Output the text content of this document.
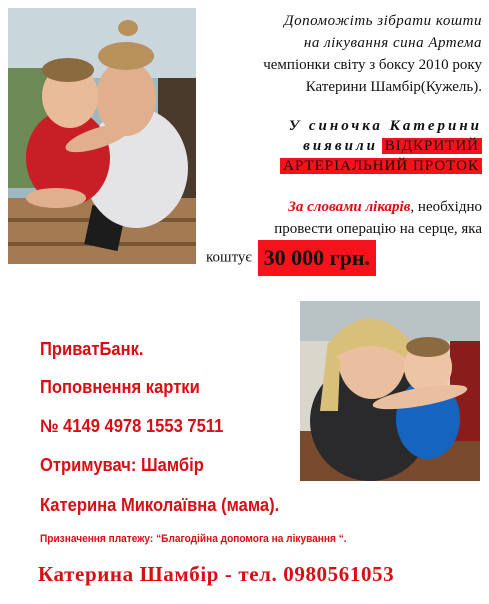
Допоможіть зібрати кошти
на лікування сина Артема
чемпіонки світу з боксу 2010 року
Катерини Шамбір(Кужель).
У синочка Катерини
виявили ВІДКРИТИЙ
АРТЕРІАЛЬНИЙ ПРОТОК
За словами лікарів, необхідно
провести операцію на серце, яка
коштує 30 000 грн.
ПриватБанк.
Поповнення картки
№ 4149 4978 1553 7511
Отримувач: Шамбір
Катерина Миколаївна (мама).
Призначення платежу: “Благодійна допомога на лікування “.
Катерина Шамбір - тел. 0980561053
